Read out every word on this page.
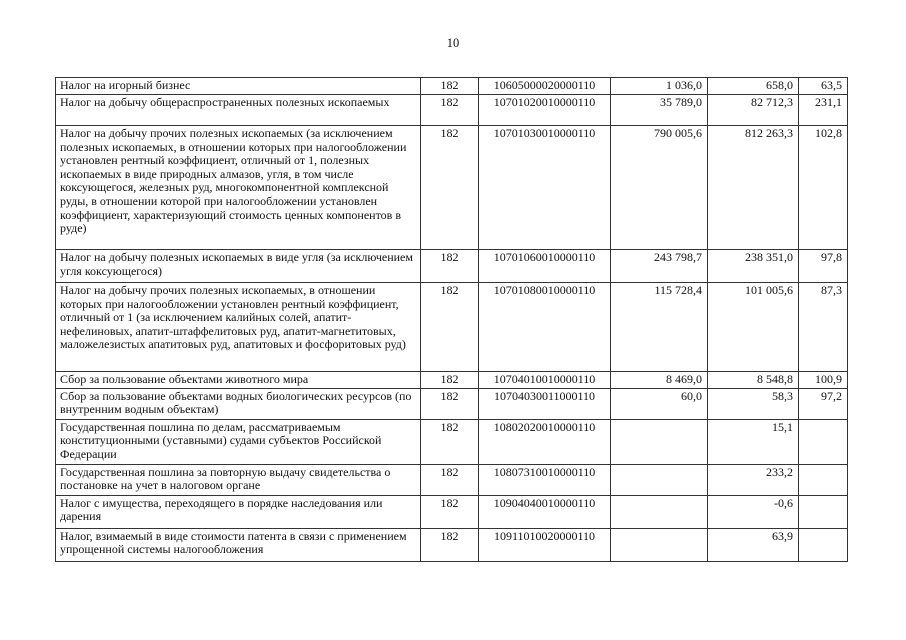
10
Налог на игорный бизнес	182	10605000020000110	1 036,0	658,0	63,5
Налог на добычу общераспространенных полезных ископаемых	182	10701020010000110	35 789,0	82 712,3	231,1
Налог на добычу прочих полезных ископаемых (за исключением полезных ископаемых, в отношении которых при налогообложении установлен рентный коэффициент, отличный от 1, полезных ископаемых в виде природных алмазов, угля, в том числе коксующегося, железных руд, многокомпонентной комплексной руды, в отношении которой при налогообложении установлен коэффициент, характеризующий стоимость ценных компонентов в руде)	182	10701030010000110	790 005,6	812 263,3	102,8
Налог на добычу полезных ископаемых в виде угля (за исключением угля коксующегося)	182	10701060010000110	243 798,7	238 351,0	97,8
Налог на добычу прочих полезных ископаемых, в отношении которых при налогообложении установлен рентный коэффициент, отличный от 1 (за исключением калийных солей, апатит-нефелиновых, апатит-штаффелитовых руд, апатит-магнетитовых, маложелезистых апатитовых руд, апатитовых и фосфоритовых руд)	182	10701080010000110	115 728,4	101 005,6	87,3
Сбор за пользование объектами животного мира	182	10704010010000110	8 469,0	8 548,8	100,9
Сбор за пользование объектами водных биологических ресурсов (по внутренним водным объектам)	182	10704030011000110	60,0	58,3	97,2
Государственная пошлина по делам, рассматриваемым конституционными (уставными) судами субъектов Российской Федерации	182	10802020010000110		15,1	
Государственная пошлина за повторную выдачу свидетельства о постановке на учет в налоговом органе	182	10807310010000110		233,2	
Налог с имущества, переходящего в порядке наследования или дарения	182	10904040010000110		-0,6	
Налог, взимаемый в виде стоимости патента в связи с применением упрощенной системы налогообложения	182	10911010020000110		63,9	
